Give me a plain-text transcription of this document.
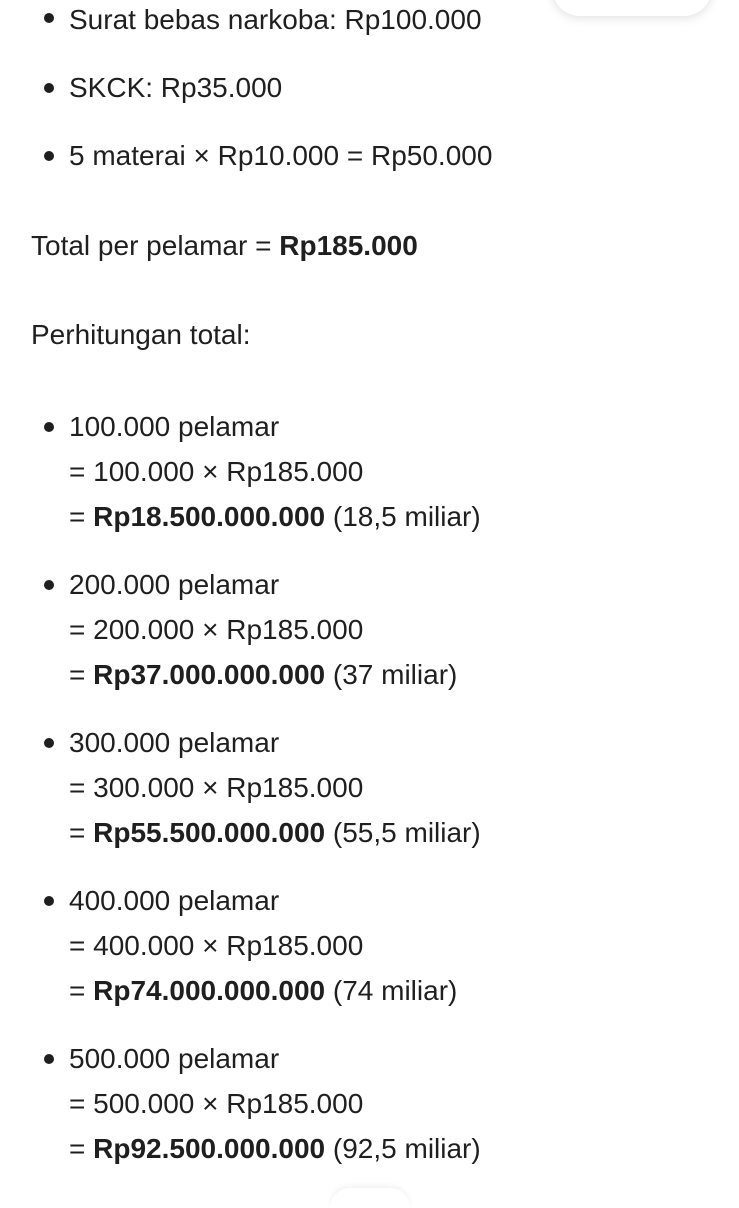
Surat bebas narkoba: Rp100.000
SKCK: Rp35.000
5 materai × Rp10.000 = Rp50.000
Total per pelamar = Rp185.000
Perhitungan total:
100.000 pelamar
= 100.000 × Rp185.000
= Rp18.500.000.000 (18,5 miliar)
200.000 pelamar
= 200.000 × Rp185.000
= Rp37.000.000.000 (37 miliar)
300.000 pelamar
= 300.000 × Rp185.000
= Rp55.500.000.000 (55,5 miliar)
400.000 pelamar
= 400.000 × Rp185.000
= Rp74.000.000.000 (74 miliar)
500.000 pelamar
= 500.000 × Rp185.000
= Rp92.500.000.000 (92,5 miliar)
